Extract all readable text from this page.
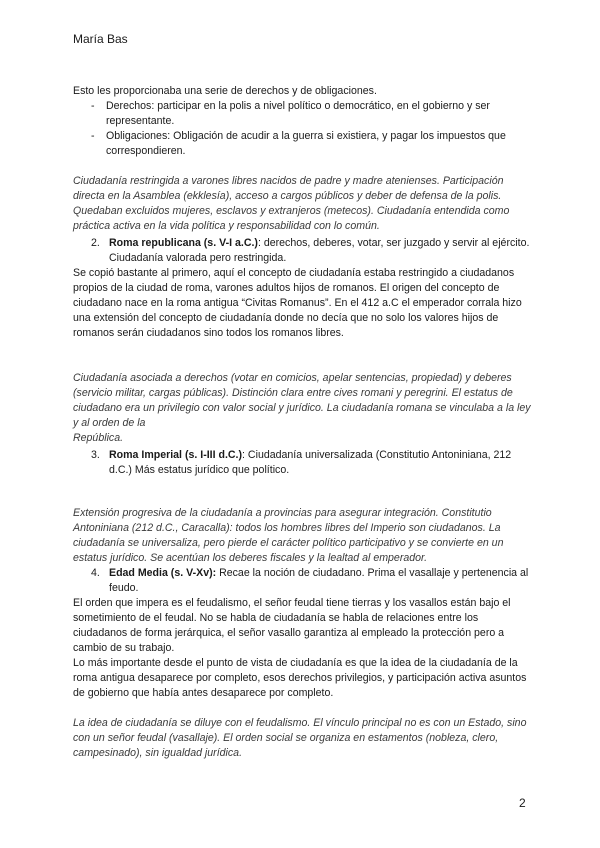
María Bas

Esto les proporcionaba una serie de derechos y de obligaciones.

- Derechos: participar en la polis a nivel político o democrático, en el gobierno y ser representante.
- Obligaciones: Obligación de acudir a la guerra si existiera, y pagar los impuestos que correspondieren.

Ciudadanía restringida a varones libres nacidos de padre y madre atenienses. Participación directa en la Asamblea (ekklesía), acceso a cargos públicos y deber de defensa de la polis. Quedaban excluidos mujeres, esclavos y extranjeros (metecos). Ciudadanía entendida como práctica activa en la vida política y responsabilidad con lo común.

2. Roma republicana (s. V-I a.C.): derechos, deberes, votar, ser juzgado y servir al ejército. Ciudadanía valorada pero restringida.

Se copió bastante al primero, aquí el concepto de ciudadanía estaba restringido a ciudadanos propios de la ciudad de roma, varones adultos hijos de romanos. El origen del concepto de ciudadano nace en la roma antigua “Civitas Romanus”. En el 412 a.C el emperador corrala hizo una extensión del concepto de ciudadanía donde no decía que no solo los valores hijos de romanos serán ciudadanos sino todos los romanos libres.

Ciudadanía asociada a derechos (votar en comicios, apelar sentencias, propiedad) y deberes (servicio militar, cargas públicas). Distinción clara entre cives romani y peregrini. El estatus de ciudadano era un privilegio con valor social y jurídico. La ciudadanía romana se vinculaba a la ley y al orden de la

República.

3. Roma Imperial (s. I-III d.C.): Ciudadanía universalizada (Constitutio Antoniniana, 212 d.C.) Más estatus jurídico que político.

Extensión progresiva de la ciudadanía a provincias para asegurar integración. Constitutio Antoniniana (212 d.C., Caracalla): todos los hombres libres del Imperio son ciudadanos. La ciudadanía se universaliza, pero pierde el carácter político participativo y se convierte en un estatus jurídico. Se acentúan los deberes fiscales y la lealtad al emperador.

4. Edad Media (s. V-Xv): Recae la noción de ciudadano. Prima el vasallaje y pertenencia al feudo.

El orden que impera es el feudalismo, el señor feudal tiene tierras y los vasallos están bajo el sometimiento de el feudal. No se habla de ciudadanía se habla de relaciones entre los ciudadanos de forma jerárquica, el señor vasallo garantiza al empleado la protección pero a cambio de su trabajo.

Lo más importante desde el punto de vista de ciudadanía es que la idea de la ciudadanía de la roma antigua desaparece por completo, esos derechos privilegios, y participación activa asuntos de gobierno que había antes desaparece por completo.

La idea de ciudadanía se diluye con el feudalismo. El vínculo principal no es con un Estado, sino con un señor feudal (vasallaje). El orden social se organiza en estamentos (nobleza, clero, campesinado), sin igualdad jurídica.

2
